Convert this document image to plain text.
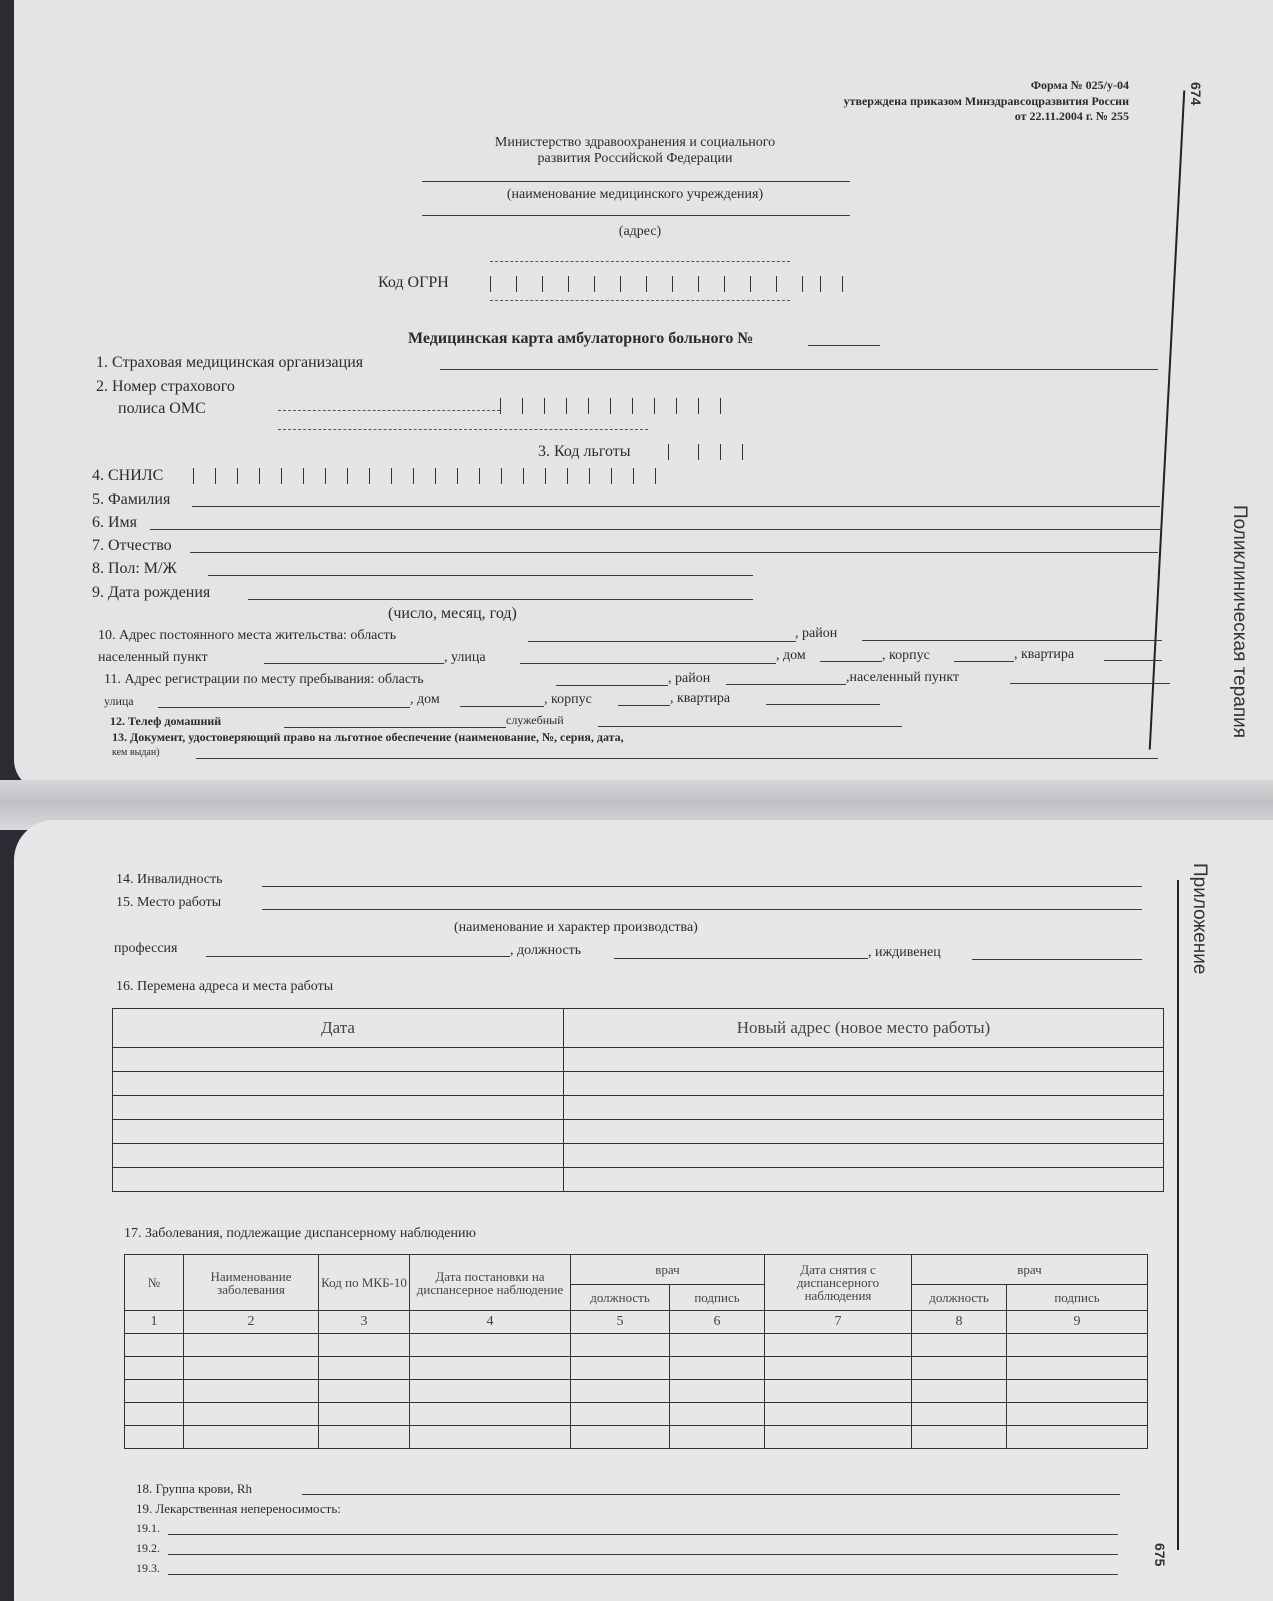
674
Поликлиническая терапия
Приложение
675
Форма № 025/у-04
утверждена приказом Минздравсоцразвития России
от 22.11.2004 г. № 255
Министерство здравоохранения и социального
развития Российской Федерации
(наименование медицинского учреждения)
(адрес)
Код ОГРН
Медицинская карта амбулаторного больного №
1. Страховая медицинская организация
2. Номер страхового
полиса ОМС
3. Код льготы
4. СНИЛС
5. Фамилия
6. Имя
7. Отчество
8. Пол: М/Ж
9. Дата рождения
(число, месяц, год)
10. Адрес постоянного места жительства: область	, район
населенный пункт	, улица	, дом	, корпус	, квартира
11. Адрес регистрации по месту пребывания: область	, район	,населенный пункт
улица	, дом	, корпус	, квартира
12. Телеф домашний	служебный
13. Документ, удостоверяющий право на льготное обеспечение (наименование, №, серия, дата,
кем выдан)
14. Инвалидность
15. Место работы
(наименование и характер производства)
профессия	, должность	, иждивенец
16. Перемена адреса и места работы
Дата	Новый адрес (новое место работы)

17. Заболевания, подлежащие диспансерному наблюдению
№	Наименование заболевания	Код по МКБ-10	Дата постановки на диспансерное наблюдение	врач		Дата снятия с диспансерного наблюдения	врач	
				должность	подпись		должность	подпись
1	2	3	4	5	6	7	8	9

18. Группа крови, Rh
19. Лекарственная непереносимость:
19.1.
19.2.
19.3.
